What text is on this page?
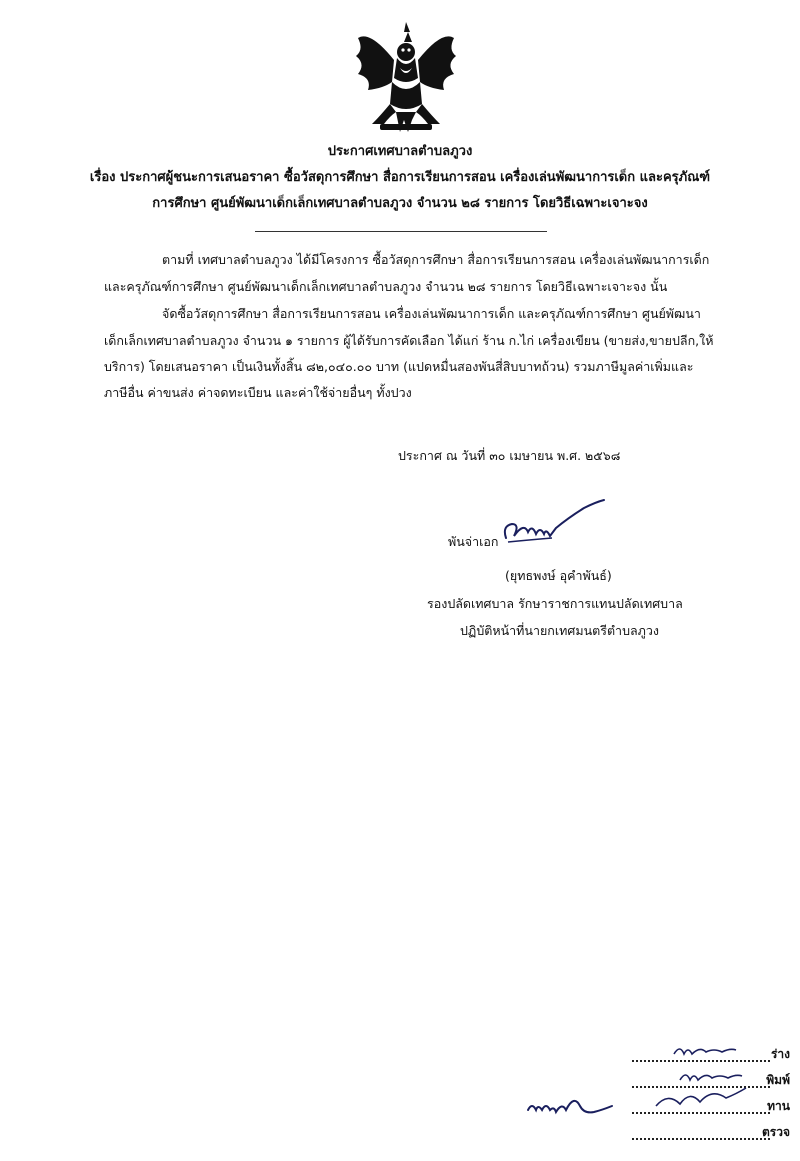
ประกาศเทศบาลตำบลภูวง
เรื่อง ประกาศผู้ชนะการเสนอราคา ซื้อวัสดุการศึกษา สื่อการเรียนการสอน เครื่องเล่นพัฒนาการเด็ก และครุภัณฑ์
การศึกษา ศูนย์พัฒนาเด็กเล็กเทศบาลตำบลภูวง จำนวน ๒๘ รายการ โดยวิธีเฉพาะเจาะจง
ตามที่ เทศบาลตำบลภูวง ได้มีโครงการ ซื้อวัสดุการศึกษา สื่อการเรียนการสอน เครื่องเล่นพัฒนาการเด็ก
และครุภัณฑ์การศึกษา ศูนย์พัฒนาเด็กเล็กเทศบาลตำบลภูวง จำนวน ๒๘ รายการ โดยวิธีเฉพาะเจาะจง นั้น
จัดซื้อวัสดุการศึกษา สื่อการเรียนการสอน เครื่องเล่นพัฒนาการเด็ก และครุภัณฑ์การศึกษา ศูนย์พัฒนา
เด็กเล็กเทศบาลตำบลภูวง จำนวน ๑ รายการ ผู้ได้รับการคัดเลือก ได้แก่ ร้าน ก.ไก่ เครื่องเขียน (ขายส่ง,ขายปลีก,ให้
บริการ) โดยเสนอราคา เป็นเงินทั้งสิ้น ๘๒,๐๔๐.๐๐ บาท (แปดหมื่นสองพันสี่สิบบาทถ้วน) รวมภาษีมูลค่าเพิ่มและ
ภาษีอื่น ค่าขนส่ง ค่าจดทะเบียน และค่าใช้จ่ายอื่นๆ ทั้งปวง
ประกาศ ณ วันที่ ๓๐ เมษายน พ.ศ. ๒๕๖๘
พันจ่าเอก
(ยุทธพงษ์ อุคำพันธ์)
รองปลัดเทศบาล รักษาราชการแทนปลัดเทศบาล
ปฏิบัติหน้าที่นายกเทศมนตรีตำบลภูวง
ร่าง
พิมพ์
ทาน
ตรวจ
